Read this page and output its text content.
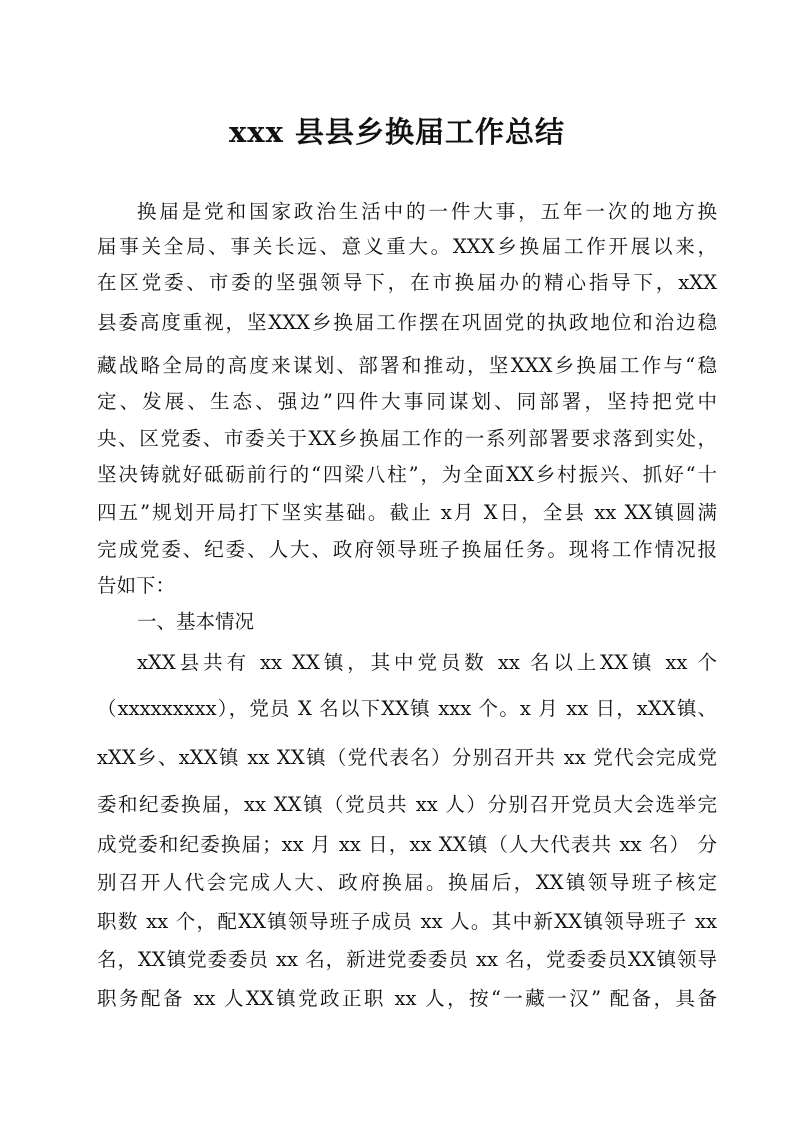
xxx 县县乡换届工作总结
换届是党和国家政治生活中的一件大事，五年一次的地方换
届事关全局、事关长远、意义重大。XXX乡换届工作开展以来，
在区党委、市委的坚强领导下，在市换届办的精心指导下，xXX
县委高度重视，坚XXX乡换届工作摆在巩固党的执政地位和治边稳
藏战略全局的高度来谋划、部署和推动，坚XXX乡换届工作与“稳
定、发展、生态、强边”四件大事同谋划、同部署，坚持把党中
央、区党委、市委关于XX乡换届工作的一系列部署要求落到实处，
坚决铸就好砥砺前行的“四梁八柱”，为全面XX乡村振兴、抓好“十
四五”规划开局打下坚实基础。截止 x月 X日，全县 xx XX镇圆满
完成党委、纪委、人大、政府领导班子换届任务。现将工作情况报
告如下：
一、基本情况
xXX县共有 xx XX镇，其中党员数 xx 名以上XX镇 xx 个
（xxxxxxxxx），党员 X 名以下XX镇 xxx 个。x 月 xx 日，xXX镇、
xXX乡、xXX镇 xx XX镇（党代表名）分别召开共 xx 党代会完成党
委和纪委换届，xx XX镇（党员共 xx 人）分别召开党员大会选举完
成党委和纪委换届；xx 月 xx 日，xx XX镇（人大代表共 xx 名） 分
别召开人代会完成人大、政府换届。换届后，XX镇领导班子核定
职数 xx 个，配XX镇领导班子成员 xx 人。其中新XX镇领导班子 xx
名，XX镇党委委员 xx 名，新进党委委员 xx 名，党委委员XX镇领导
职务配备 xx 人XX镇党政正职 xx 人，按“一藏一汉” 配备，具备
